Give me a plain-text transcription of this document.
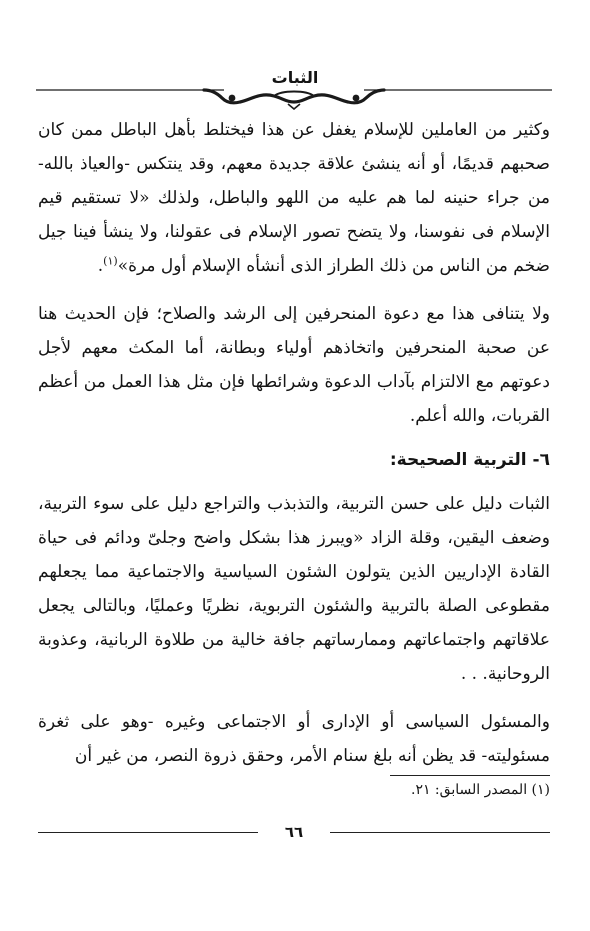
الثبات

وكثير من العاملين للإسلام يغفل عن هذا فيختلط بأهل الباطل ممن كان صحبهم قديمًا، أو أنه ينشئ علاقة جديدة معهم، وقد ينتكس -والعياذ بالله- من جراء حنينه لما هم عليه من اللهو والباطل، ولذلك «لا تستقيم قيم الإسلام فى نفوسنا، ولا يتضح تصور الإسلام فى عقولنا، ولا ينشأ فينا جيل ضخم من الناس من ذلك الطراز الذى أنشأه الإسلام أول مرة»$^{(١)}$.

ولا يتنافى هذا مع دعوة المنحرفين إلى الرشد والصلاح؛ فإن الحديث هنا عن صحبة المنحرفين واتخاذهم أولياء وبطانة، أما المكث معهم لأجل دعوتهم مع الالتزام بآداب الدعوة وشرائطها فإن مثل هذا العمل من أعظم القربات، والله أعلم.

٦- التربية الصحيحة:

الثبات دليل على حسن التربية، والتذبذب والتراجع دليل على سوء التربية، وضعف اليقين، وقلة الزاد «ويبرز هذا بشكل واضح وجلىّ ودائم فى حياة القادة الإداريين الذين يتولون الشئون السياسية والاجتماعية مما يجعلهم مقطوعى الصلة بالتربية والشئون التربوية، نظريًا وعمليًا، وبالتالى يجعل علاقاتهم واجتماعاتهم وممارساتهم جافة خالية من طلاوة الربانية، وعذوبة الروحانية. . .

والمسئول السياسى أو الإدارى أو الاجتماعى وغيره -وهو على ثغرة مسئوليته- قد يظن أنه بلغ سنام الأمر، وحقق ذروة النصر، من غير أن

(١) المصدر السابق: ٢١.
٦٦
